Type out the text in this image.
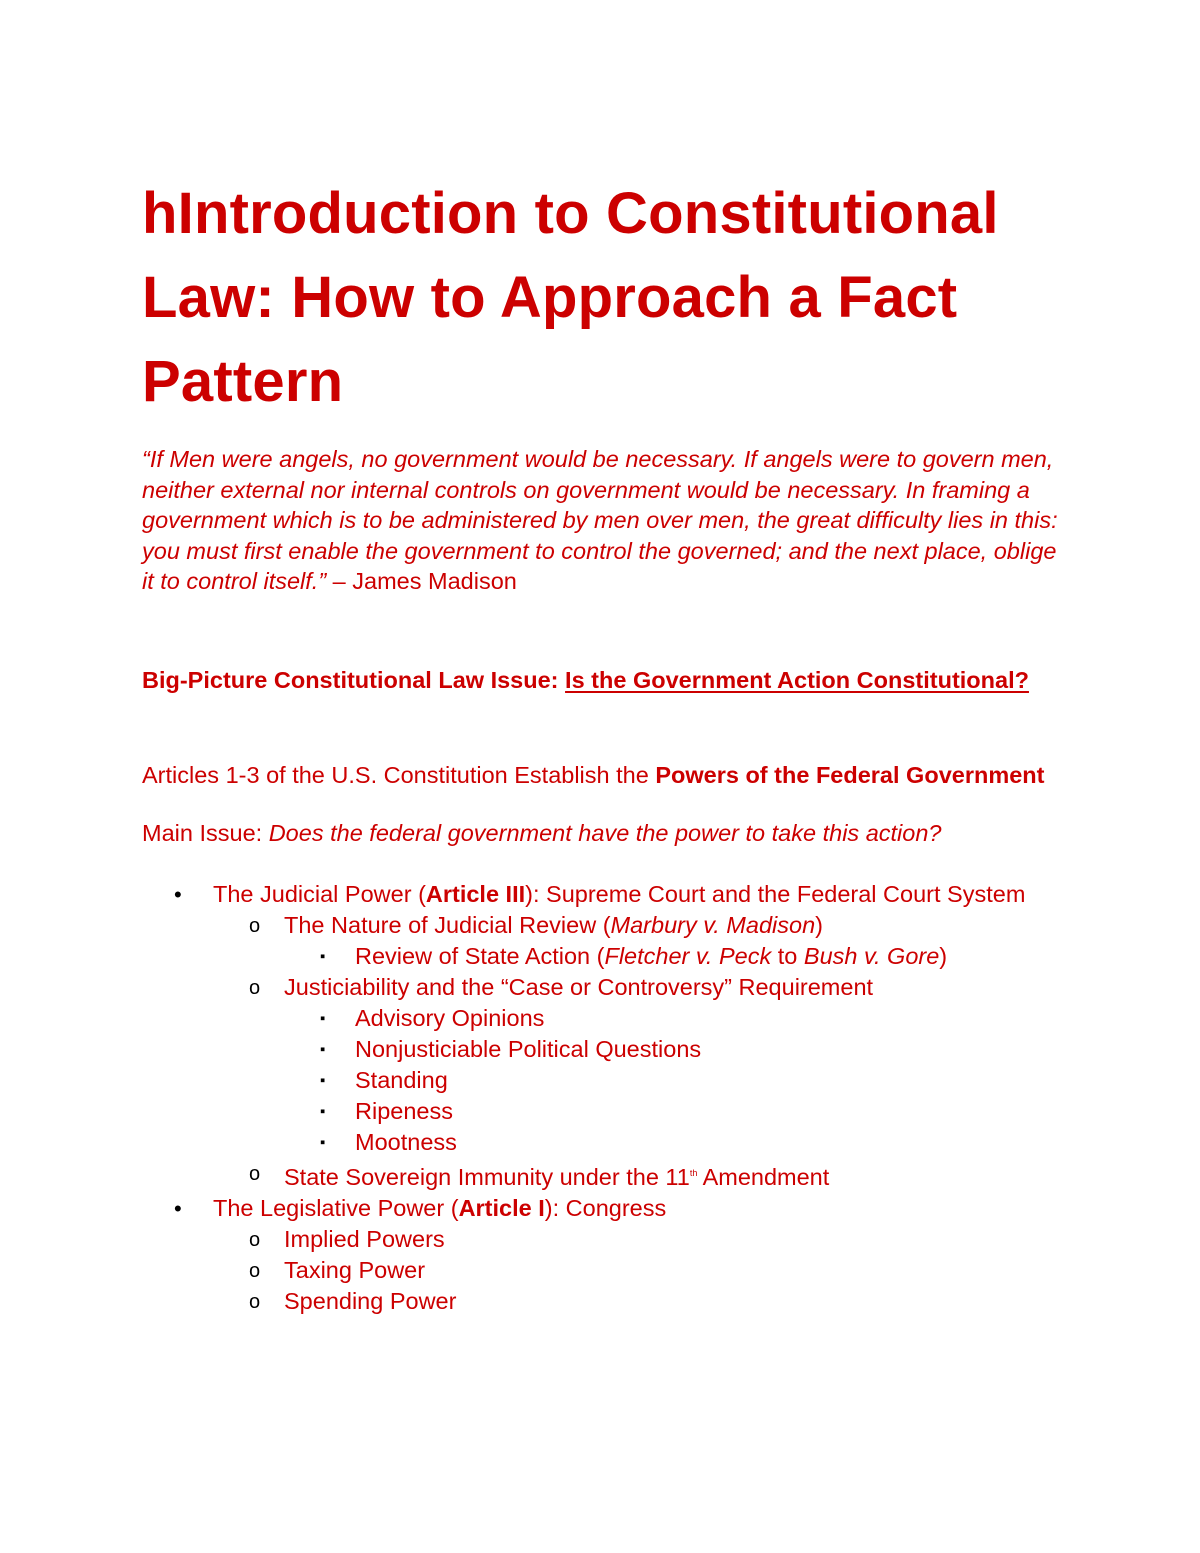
hIntroduction to Constitutional Law: How to Approach a Fact Pattern
“If Men were angels, no government would be necessary. If angels were to govern men, neither external nor internal controls on government would be necessary. In framing a government which is to be administered by men over men, the great difficulty lies in this: you must first enable the government to control the governed; and the next place, oblige it to control itself.” – James Madison
Big-Picture Constitutional Law Issue: Is the Government Action Constitutional?
Articles 1-3 of the U.S. Constitution Establish the Powers of the Federal Government
Main Issue: Does the federal government have the power to take this action?
• The Judicial Power (Article III): Supreme Court and the Federal Court System
o The Nature of Judicial Review (Marbury v. Madison)
▪ Review of State Action (Fletcher v. Peck to Bush v. Gore)
o Justiciability and the “Case or Controversy” Requirement
▪ Advisory Opinions
▪ Nonjusticiable Political Questions
▪ Standing
▪ Ripeness
▪ Mootness
o State Sovereign Immunity under the 11th Amendment
• The Legislative Power (Article I): Congress
o Implied Powers
o Taxing Power
o Spending Power
